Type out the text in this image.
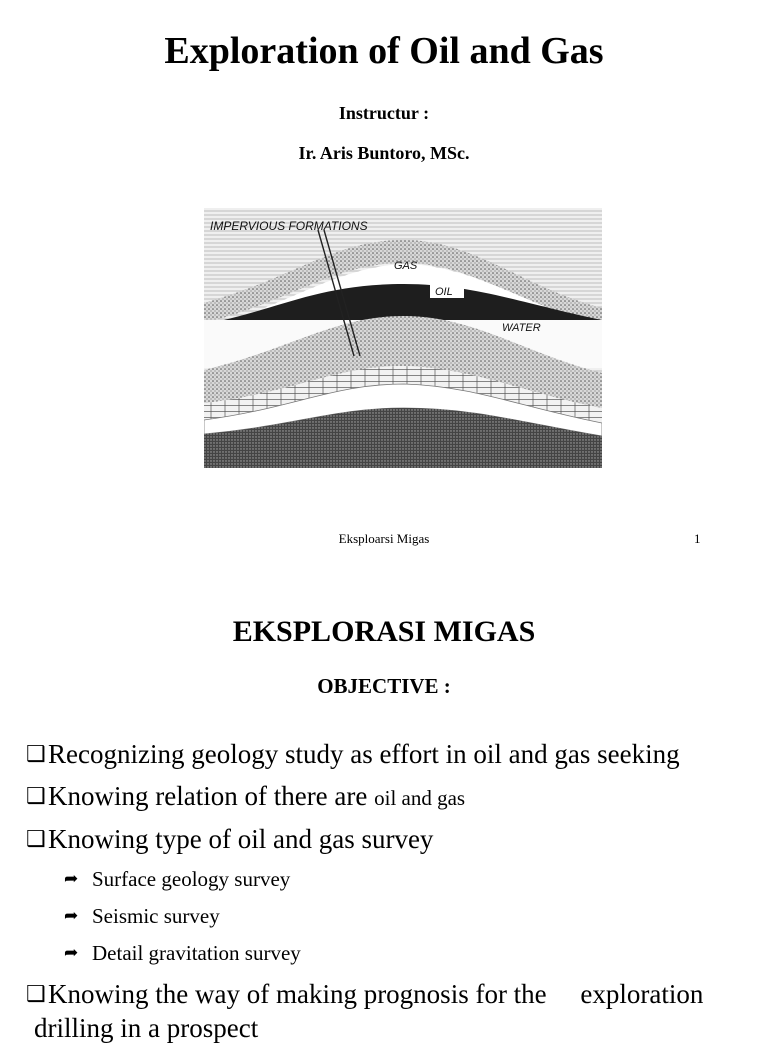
Exploration of Oil and Gas
Instructur :
Ir. Aris Buntoro, MSc.
IMPERVIOUS FORMATIONS
GAS
OIL
WATER
Eksploarsi Migas	1
EKSPLORASI MIGAS
OBJECTIVE :
❑Recognizing geology study as effort in oil and gas seeking
❑Knowing relation of there are oil and gas
❑Knowing type of oil and gas survey
➦ Surface geology survey
➦ Seismic survey
➦ Detail gravitation survey
❑Knowing the way of making prognosis for the     exploration
drilling in a prospect
